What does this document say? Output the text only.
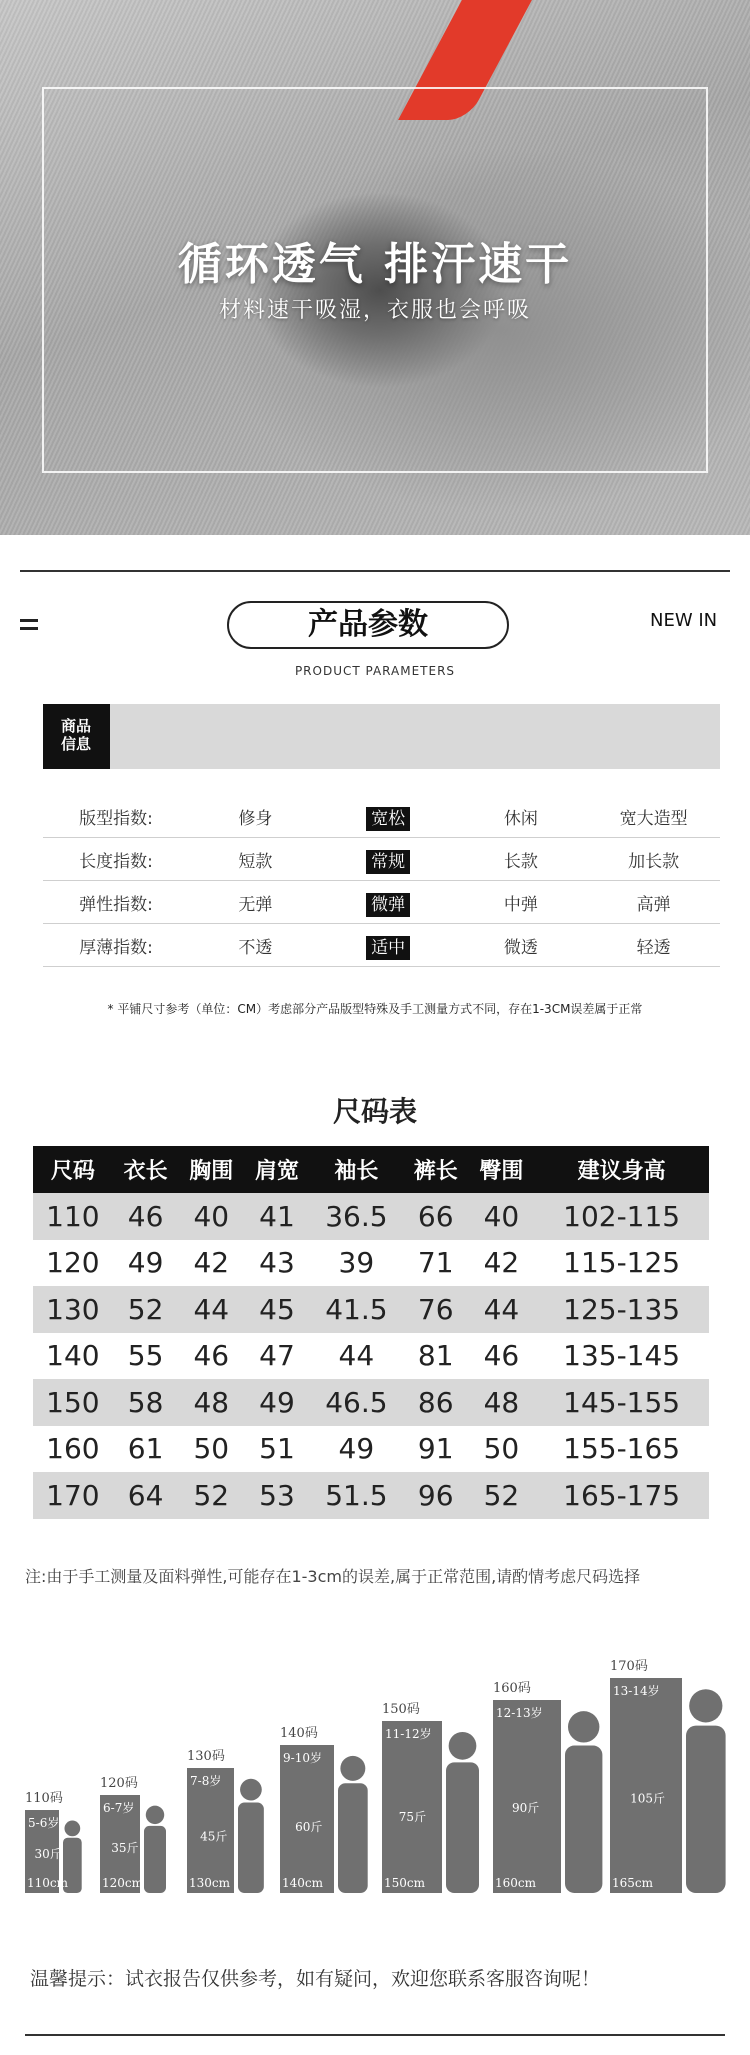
循环透气 排汗速干
材料速干吸湿，衣服也会呼吸
产品参数	NEW IN
PRODUCT PARAMETERS
商品
信息
版型指数:	修身	宽松	休闲	宽大造型
长度指数:	短款	常规	长款	加长款
弹性指数:	无弹	微弹	中弹	高弹
厚薄指数:	不透	适中	微透	轻透
* 平铺尺寸参考（单位：CM）考虑部分产品版型特殊及手工测量方式不同，存在1-3CM误差属于正常
尺码表
尺码	衣长	胸围	肩宽	袖长	裤长	臀围	建议身高
110	46	40	41	36.5	66	40	102-115
120	49	42	43	39	71	42	115-125
130	52	44	45	41.5	76	44	125-135
140	55	46	47	44	81	46	135-145
150	58	48	49	46.5	86	48	145-155
160	61	50	51	49	91	50	155-165
170	64	52	53	51.5	96	52	165-175
注:由于手工测量及面料弹性,可能存在1-3cm的误差,属于正常范围,请酌情考虑尺码选择
110码
5-6岁
30斤
110cm
120码
6-7岁
35斤
120cm
130码
7-8岁
45斤
130cm
140码
9-10岁
60斤
140cm
150码
11-12岁
75斤
150cm
160码
12-13岁
90斤
160cm
170码
13-14岁
105斤
165cm
温馨提示：试衣报告仅供参考，如有疑问，欢迎您联系客服咨询呢！
